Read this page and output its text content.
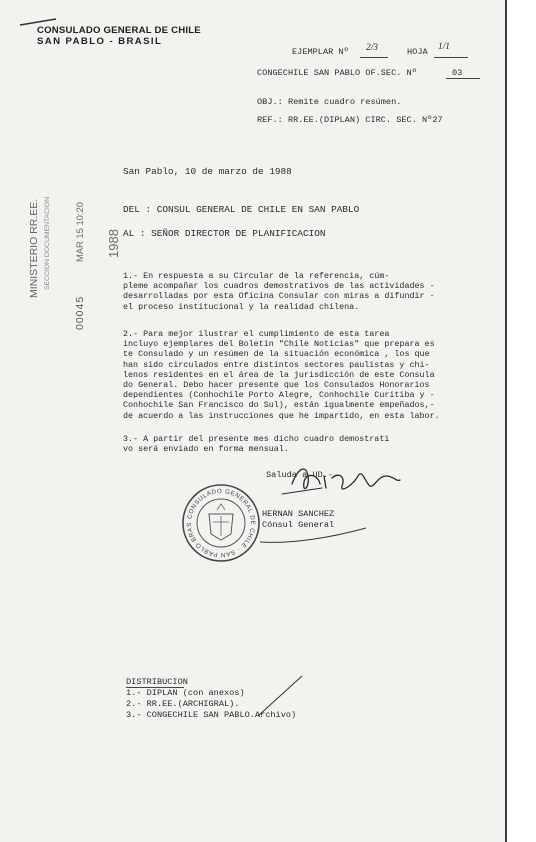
CONSULADO GENERAL DE CHILE
SAN PABLO - BRASIL
EJEMPLAR Nº 2/3	HOJA 1/1
CONGECHILE SAN PABLO OF.SEC. Nº	03
OBJ.: Remite cuadro resúmen.
REF.: RR.EE.(DIPLAN) CIRC. SEC. Nº27
San Pablo, 10 de marzo de 1988
DEL : CONSUL GENERAL DE CHILE EN SAN PABLO
AL : SEÑOR DIRECTOR DE PLANIFICACION
MINISTERIO RR.EE. SECCION DOCUMENTACION
00045
MAR 15 10:20 1988
1.- En respuesta a su Circular de la referencia, cúm-
pleme acompañar los cuadros demostrativos de las actividades -
desarrolladas por esta Oficina Consular con miras a difundir -
el proceso institucional y la realidad chilena.
2.- Para mejor ilustrar el cumplimiento de esta tarea
incluyo ejemplares del Boletín "Chile Noticias" que prepara es
te Consulado y un resúmen de la situación económica , los que
han sido circulados entre distintos sectores paulistas y chi-
lenos residentes en el área de la jurisdicción de este Consula
do General. Debo hacer presente que los Consulados Honorarios
dependientes (Conhochile Porto Alegre, Conhochile Curitiba y -
Conhochile San Francisco do Sul), están igualmente empeñados,-
de acuerdo a las instrucciones que he impartido, en esta labor.
3.- A partir del presente mes dicho cuadro demostrati
vo será enviado en forma mensual.
Saluda a UD.-
CONSULADO GENERAL DE CHILE · SAN PABLO BRAS
HERNAN SANCHEZ
Cónsul General
DISTRIBUCION
1.- DIPLAN (con anexos)
2.- RR.EE.(ARCHIGRAL).
3.- CONGECHILE SAN PABLO.Archivo)
